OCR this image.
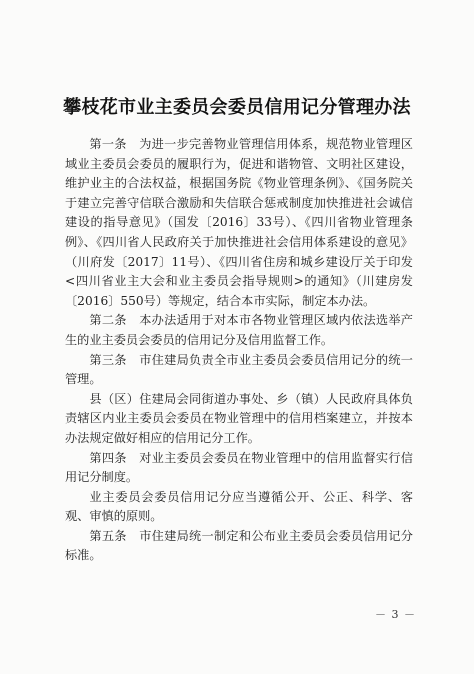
攀枝花市业主委员会委员信用记分管理办法

第一条　为进一步完善物业管理信用体系，规范物业管理区域业主委员会委员的履职行为，促进和谐物管、文明社区建设，维护业主的合法权益，根据国务院《物业管理条例》、《国务院关于建立完善守信联合激励和失信联合惩戒制度加快推进社会诚信建设的指导意见》（国发〔2016〕33号）、《四川省物业管理条例》、《四川省人民政府关于加快推进社会信用体系建设的意见》（川府发〔2017〕11号）、《四川省住房和城乡建设厅关于印发<四川省业主大会和业主委员会指导规则>的通知》（川建房发〔2016〕550号）等规定，结合本市实际，制定本办法。

第二条　本办法适用于对本市各物业管理区域内依法选举产生的业主委员会委员的信用记分及信用监督工作。

第三条　市住建局负责全市业主委员会委员信用记分的统一管理。

县（区）住建局会同街道办事处、乡（镇）人民政府具体负责辖区内业主委员会委员在物业管理中的信用档案建立，并按本办法规定做好相应的信用记分工作。

第四条　对业主委员会委员在物业管理中的信用监督实行信用记分制度。

业主委员会委员信用记分应当遵循公开、公正、科学、客观、审慎的原则。

第五条　市住建局统一制定和公布业主委员会委员信用记分标准。

－ 3 －
